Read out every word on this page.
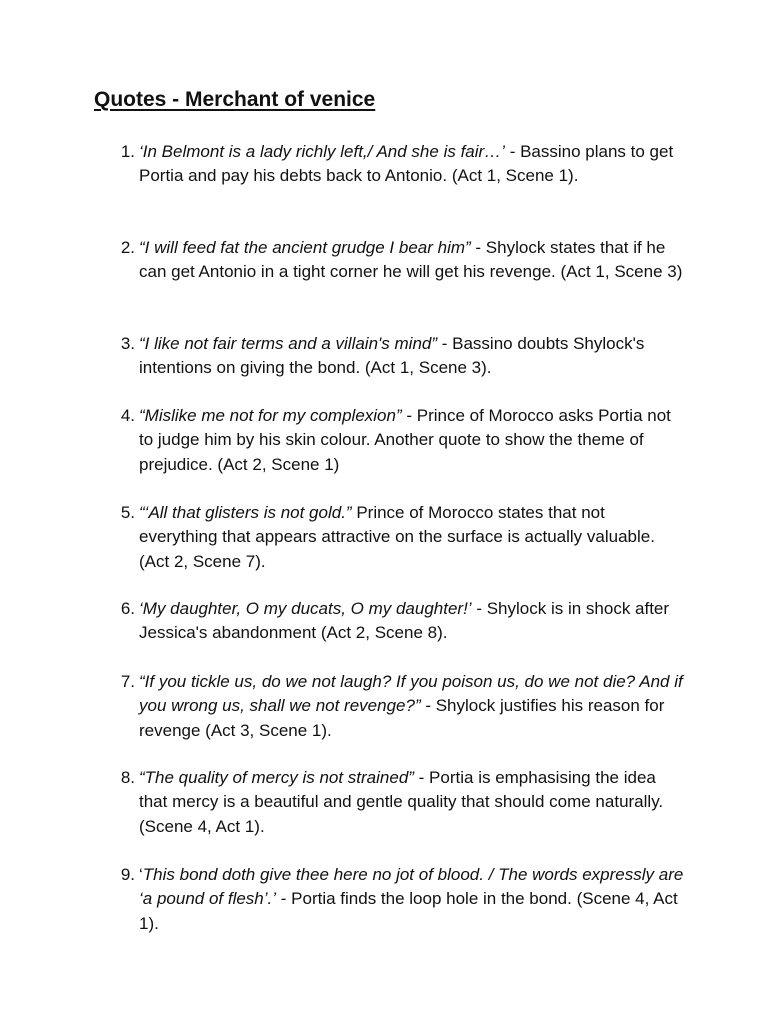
Quotes - Merchant of venice
1. ‘In Belmont is a lady richly left,/ And she is fair…’ - Bassino plans to get Portia and pay his debts back to Antonio. (Act 1, Scene 1).
2. “I will feed fat the ancient grudge I bear him” - Shylock states that if he can get Antonio in a tight corner he will get his revenge. (Act 1, Scene 3)
3. “I like not fair terms and a villain's mind” - Bassino doubts Shylock's intentions on giving the bond. (Act 1, Scene 3).
4. “Mislike me not for my complexion” - Prince of Morocco asks Portia not to judge him by his skin colour. Another quote to show the theme of prejudice. (Act 2, Scene 1)
5. “‘All that glisters is not gold.” Prince of Morocco states that not everything that appears attractive on the surface is actually valuable. (Act 2, Scene 7).
6. ‘My daughter, O my ducats, O my daughter!’ - Shylock is in shock after Jessica's abandonment (Act 2, Scene 8).
7. “If you tickle us, do we not laugh? If you poison us, do we not die? And if you wrong us, shall we not revenge?” - Shylock justifies his reason for revenge (Act 3, Scene 1).
8. “The quality of mercy is not strained” - Portia is emphasising the idea that mercy is a beautiful and gentle quality that should come naturally. (Scene 4, Act 1).
9. ‘This bond doth give thee here no jot of blood. / The words expressly are ‘a pound of flesh’.’ - Portia finds the loop hole in the bond. (Scene 4, Act 1).
